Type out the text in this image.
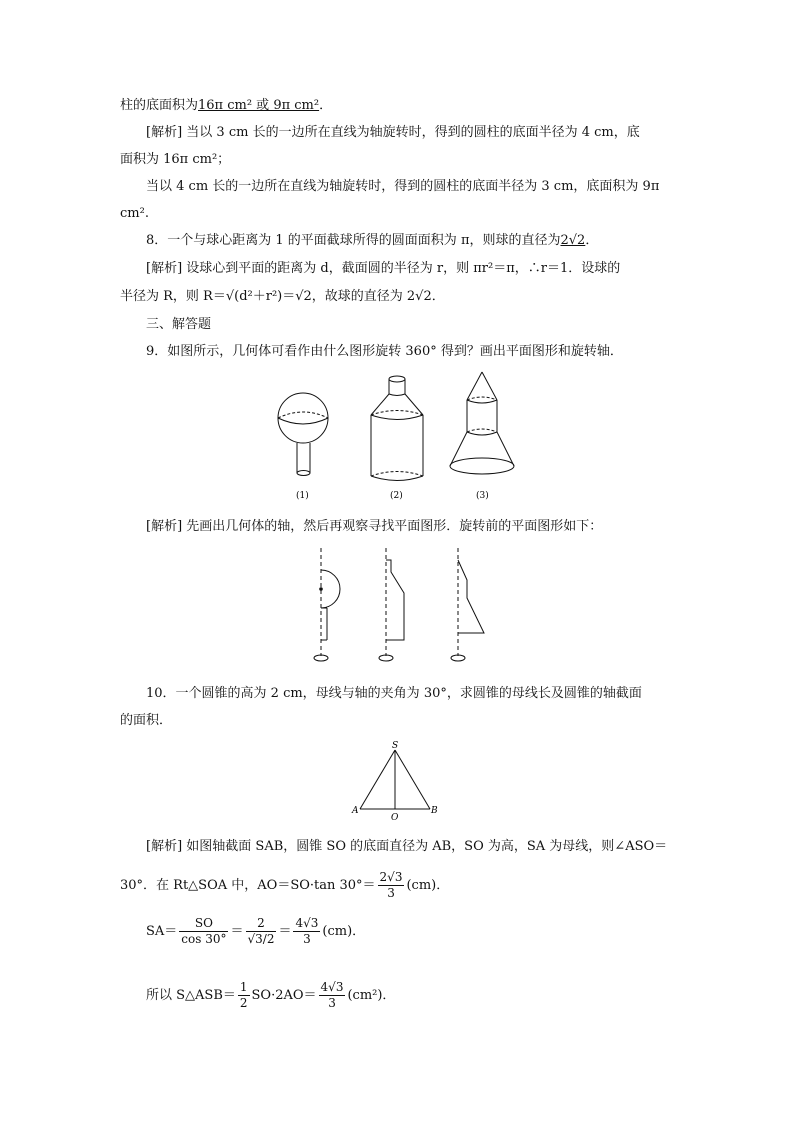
柱的底面积为16π cm² 或 9π cm²．
[解析] 当以 3 cm 长的一边所在直线为轴旋转时，得到的圆柱的底面半径为 4 cm，底
面积为 16π cm²；
当以 4 cm 长的一边所在直线为轴旋转时，得到的圆柱的底面半径为 3 cm，底面积为 9π
cm².
8．一个与球心距离为 1 的平面截球所得的圆面面积为 π，则球的直径为2√2．
[解析] 设球心到平面的距离为 d，截面圆的半径为 r，则 πr²＝π，∴r＝1．设球的
半径为 R，则 R＝√(d²＋r²)＝√2，故球的直径为 2√2．
三、解答题
9．如图所示，几何体可看作由什么图形旋转 360° 得到？画出平面图形和旋转轴．
(1)	(2)	(3)
[解析] 先画出几何体的轴，然后再观察寻找平面图形．旋转前的平面图形如下：
10．一个圆锥的高为 2 cm，母线与轴的夹角为 30°，求圆锥的母线长及圆锥的轴截面
的面积．
S
A
O
B
[解析] 如图轴截面 SAB，圆锥 SO 的底面直径为 AB，SO 为高，SA 为母线，则∠ASO＝
30°．在 Rt△SOA 中，AO＝SO·tan $30^\circ= \frac{2√3}{3} (cm)$．
$SA= \frac{SO}{\cos 30^\circ} = \frac{2}{√3/2} = \frac{4√3}{3} (cm)$．
所以 S△ASB＝ $\frac{1}{2} SO\cdot 2AO= \frac{4√3}{3} (cm^2)$．
